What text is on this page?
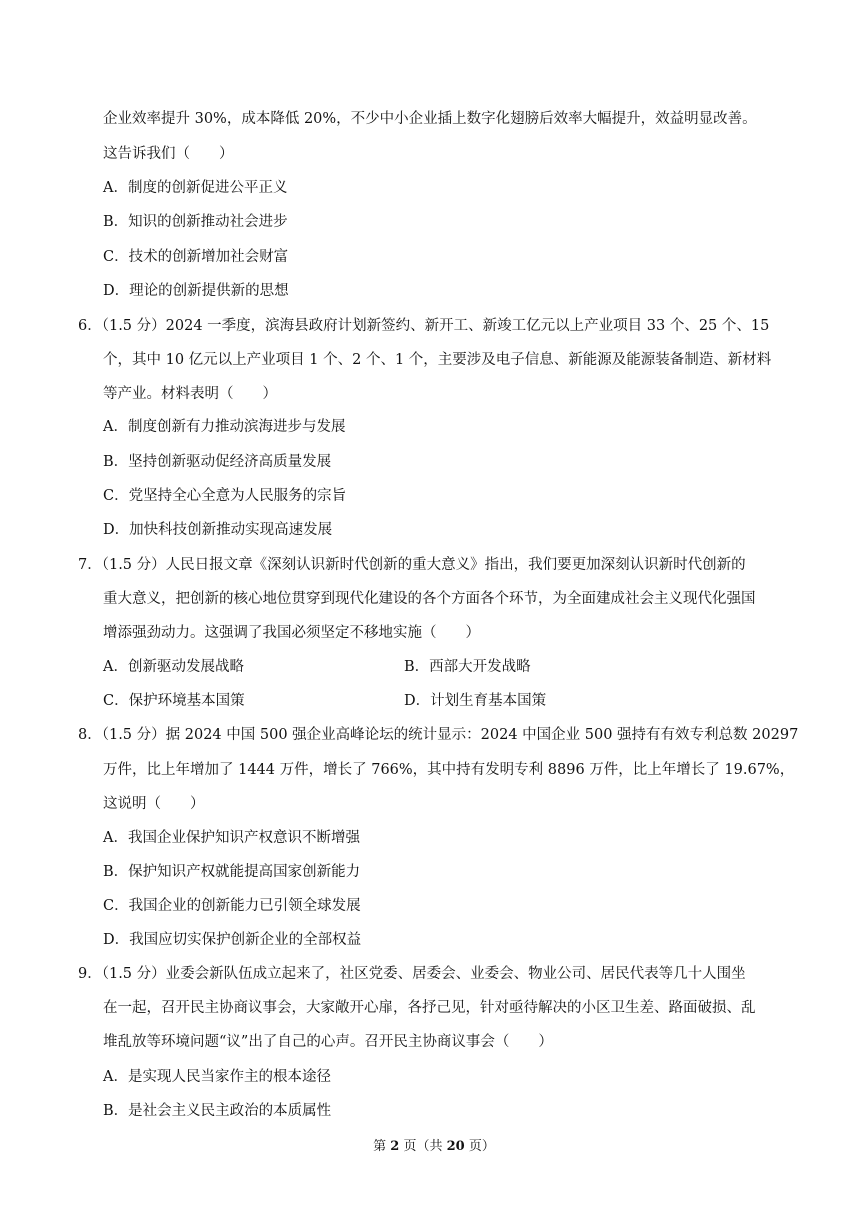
企业效率提升 30%，成本降低 20%，不少中小企业插上数字化翅膀后效率大幅提升，效益明显改善。
这告诉我们（　　）
A．制度的创新促进公平正义
B．知识的创新推动社会进步
C．技术的创新增加社会财富
D．理论的创新提供新的思想
6．（1.5 分）2024 一季度，滨海县政府计划新签约、新开工、新竣工亿元以上产业项目 33 个、25 个、15
个，其中 10 亿元以上产业项目 1 个、2 个、1 个，主要涉及电子信息、新能源及能源装备制造、新材料
等产业。材料表明（　　）
A．制度创新有力推动滨海进步与发展
B．坚持创新驱动促经济高质量发展
C．党坚持全心全意为人民服务的宗旨
D．加快科技创新推动实现高速发展
7．（1.5 分）人民日报文章《深刻认识新时代创新的重大意义》指出，我们要更加深刻认识新时代创新的
重大意义，把创新的核心地位贯穿到现代化建设的各个方面各个环节，为全面建成社会主义现代化强国
增添强劲动力。这强调了我国必须坚定不移地实施（　　）
A．创新驱动发展战略	B．西部大开发战略
C．保护环境基本国策	D．计划生育基本国策
8．（1.5 分）据 2024 中国 500 强企业高峰论坛的统计显示：2024 中国企业 500 强持有有效专利总数 20297
万件，比上年增加了 1444 万件，增长了 766%，其中持有发明专利 8896 万件，比上年增长了 19.67%，
这说明（　　）
A．我国企业保护知识产权意识不断增强
B．保护知识产权就能提高国家创新能力
C．我国企业的创新能力已引领全球发展
D．我国应切实保护创新企业的全部权益
9．（1.5 分）业委会新队伍成立起来了，社区党委、居委会、业委会、物业公司、居民代表等几十人围坐
在一起，召开民主协商议事会，大家敞开心扉，各抒己见，针对亟待解决的小区卫生差、路面破损、乱
堆乱放等环境问题“议”出了自己的心声。召开民主协商议事会（　　）
A．是实现人民当家作主的根本途径
B．是社会主义民主政治的本质属性
第 2 页（共 20 页）
